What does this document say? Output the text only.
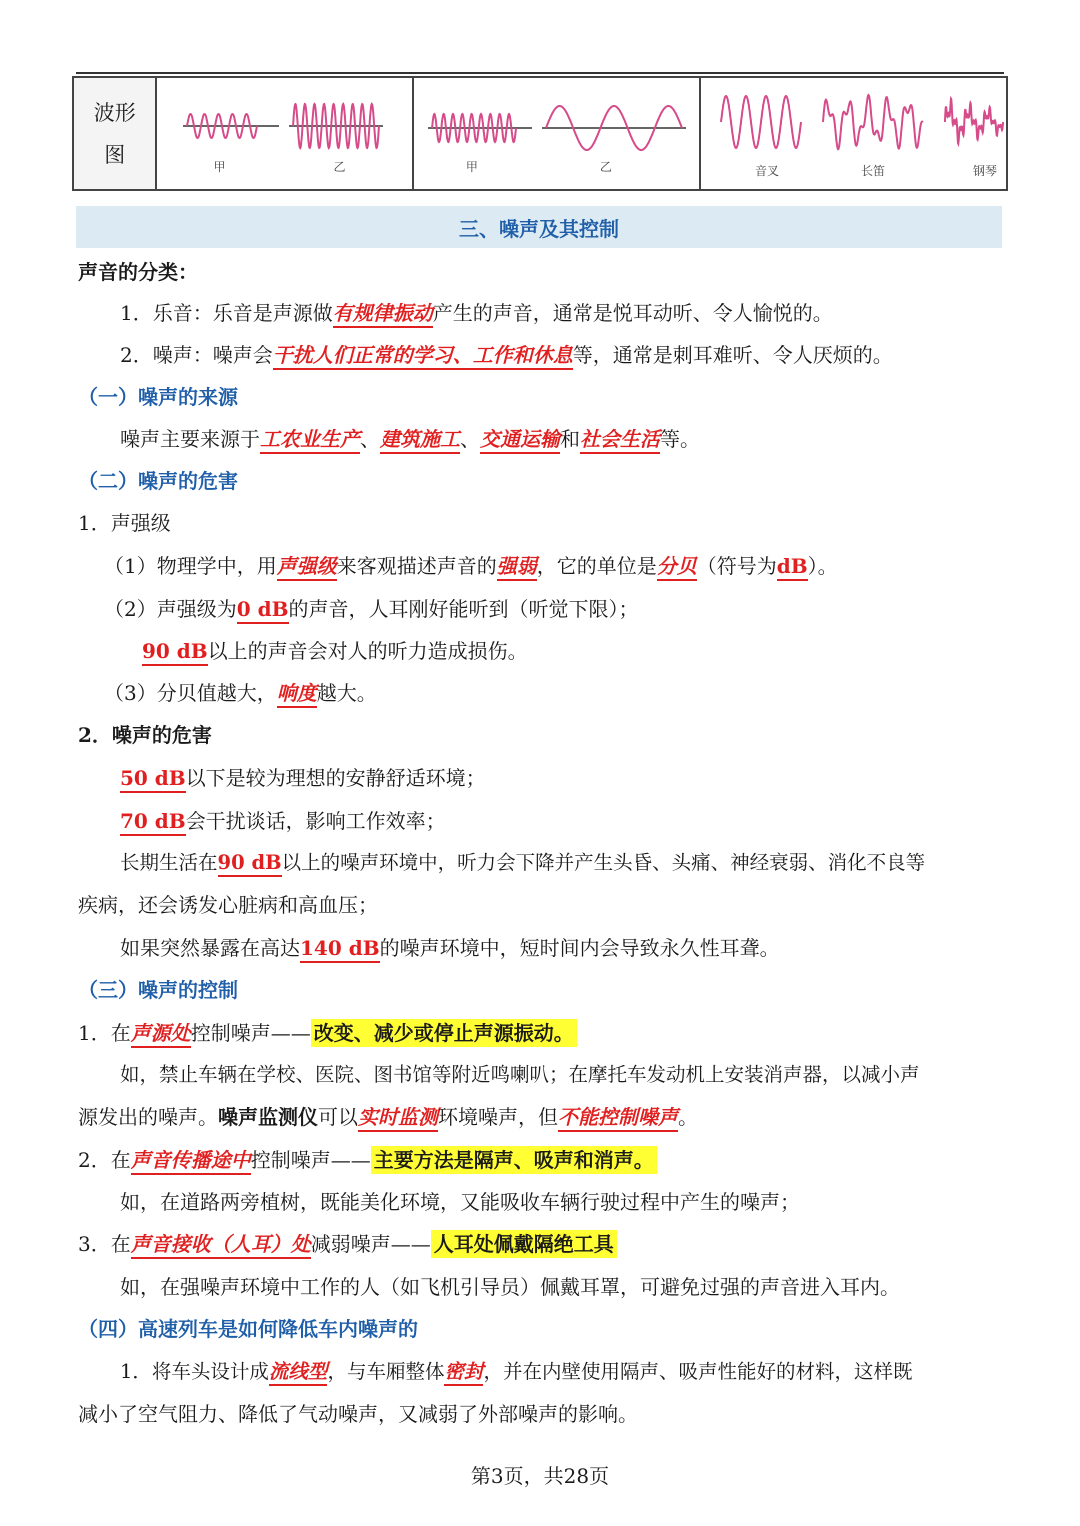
波形
图
甲	乙	甲	乙	音叉	长笛	钢琴
三、噪声及其控制
声音的分类：
1．乐音：乐音是声源做有规律振动产生的声音，通常是悦耳动听、令人愉悦的。
2．噪声：噪声会干扰人们正常的学习、工作和休息等，通常是刺耳难听、令人厌烦的。
（一）噪声的来源
噪声主要来源于工农业生产、建筑施工、交通运输和社会生活等。
（二）噪声的危害
1．声强级
（1）物理学中，用声强级来客观描述声音的强弱，它的单位是分贝（符号为dB）。
（2）声强级为0 dB的声音，人耳刚好能听到（听觉下限）；
90 dB以上的声音会对人的听力造成损伤。
（3）分贝值越大，响度越大。
2．噪声的危害
50 dB以下是较为理想的安静舒适环境；
70 dB会干扰谈话，影响工作效率；
长期生活在90 dB以上的噪声环境中，听力会下降并产生头昏、头痛、神经衰弱、消化不良等
疾病，还会诱发心脏病和高血压；
如果突然暴露在高达140 dB的噪声环境中，短时间内会导致永久性耳聋。
（三）噪声的控制
1．在声源处控制噪声—— 改变、减少或停止声源振动。
如，禁止车辆在学校、医院、图书馆等附近鸣喇叭；在摩托车发动机上安装消声器，以减小声
源发出的噪声。噪声监测仪可以实时监测环境噪声，但不能控制噪声。
2．在声音传播途中控制噪声—— 主要方法是隔声、吸声和消声。
如，在道路两旁植树，既能美化环境，又能吸收车辆行驶过程中产生的噪声；
3．在声音接收（人耳）处减弱噪声—— 人耳处佩戴隔绝工具
如，在强噪声环境中工作的人（如飞机引导员）佩戴耳罩，可避免过强的声音进入耳内。
（四）高速列车是如何降低车内噪声的
1．将车头设计成流线型，与车厢整体密封，并在内壁使用隔声、吸声性能好的材料，这样既
减小了空气阻力、降低了气动噪声，又减弱了外部噪声的影响。
第3页，共28页
